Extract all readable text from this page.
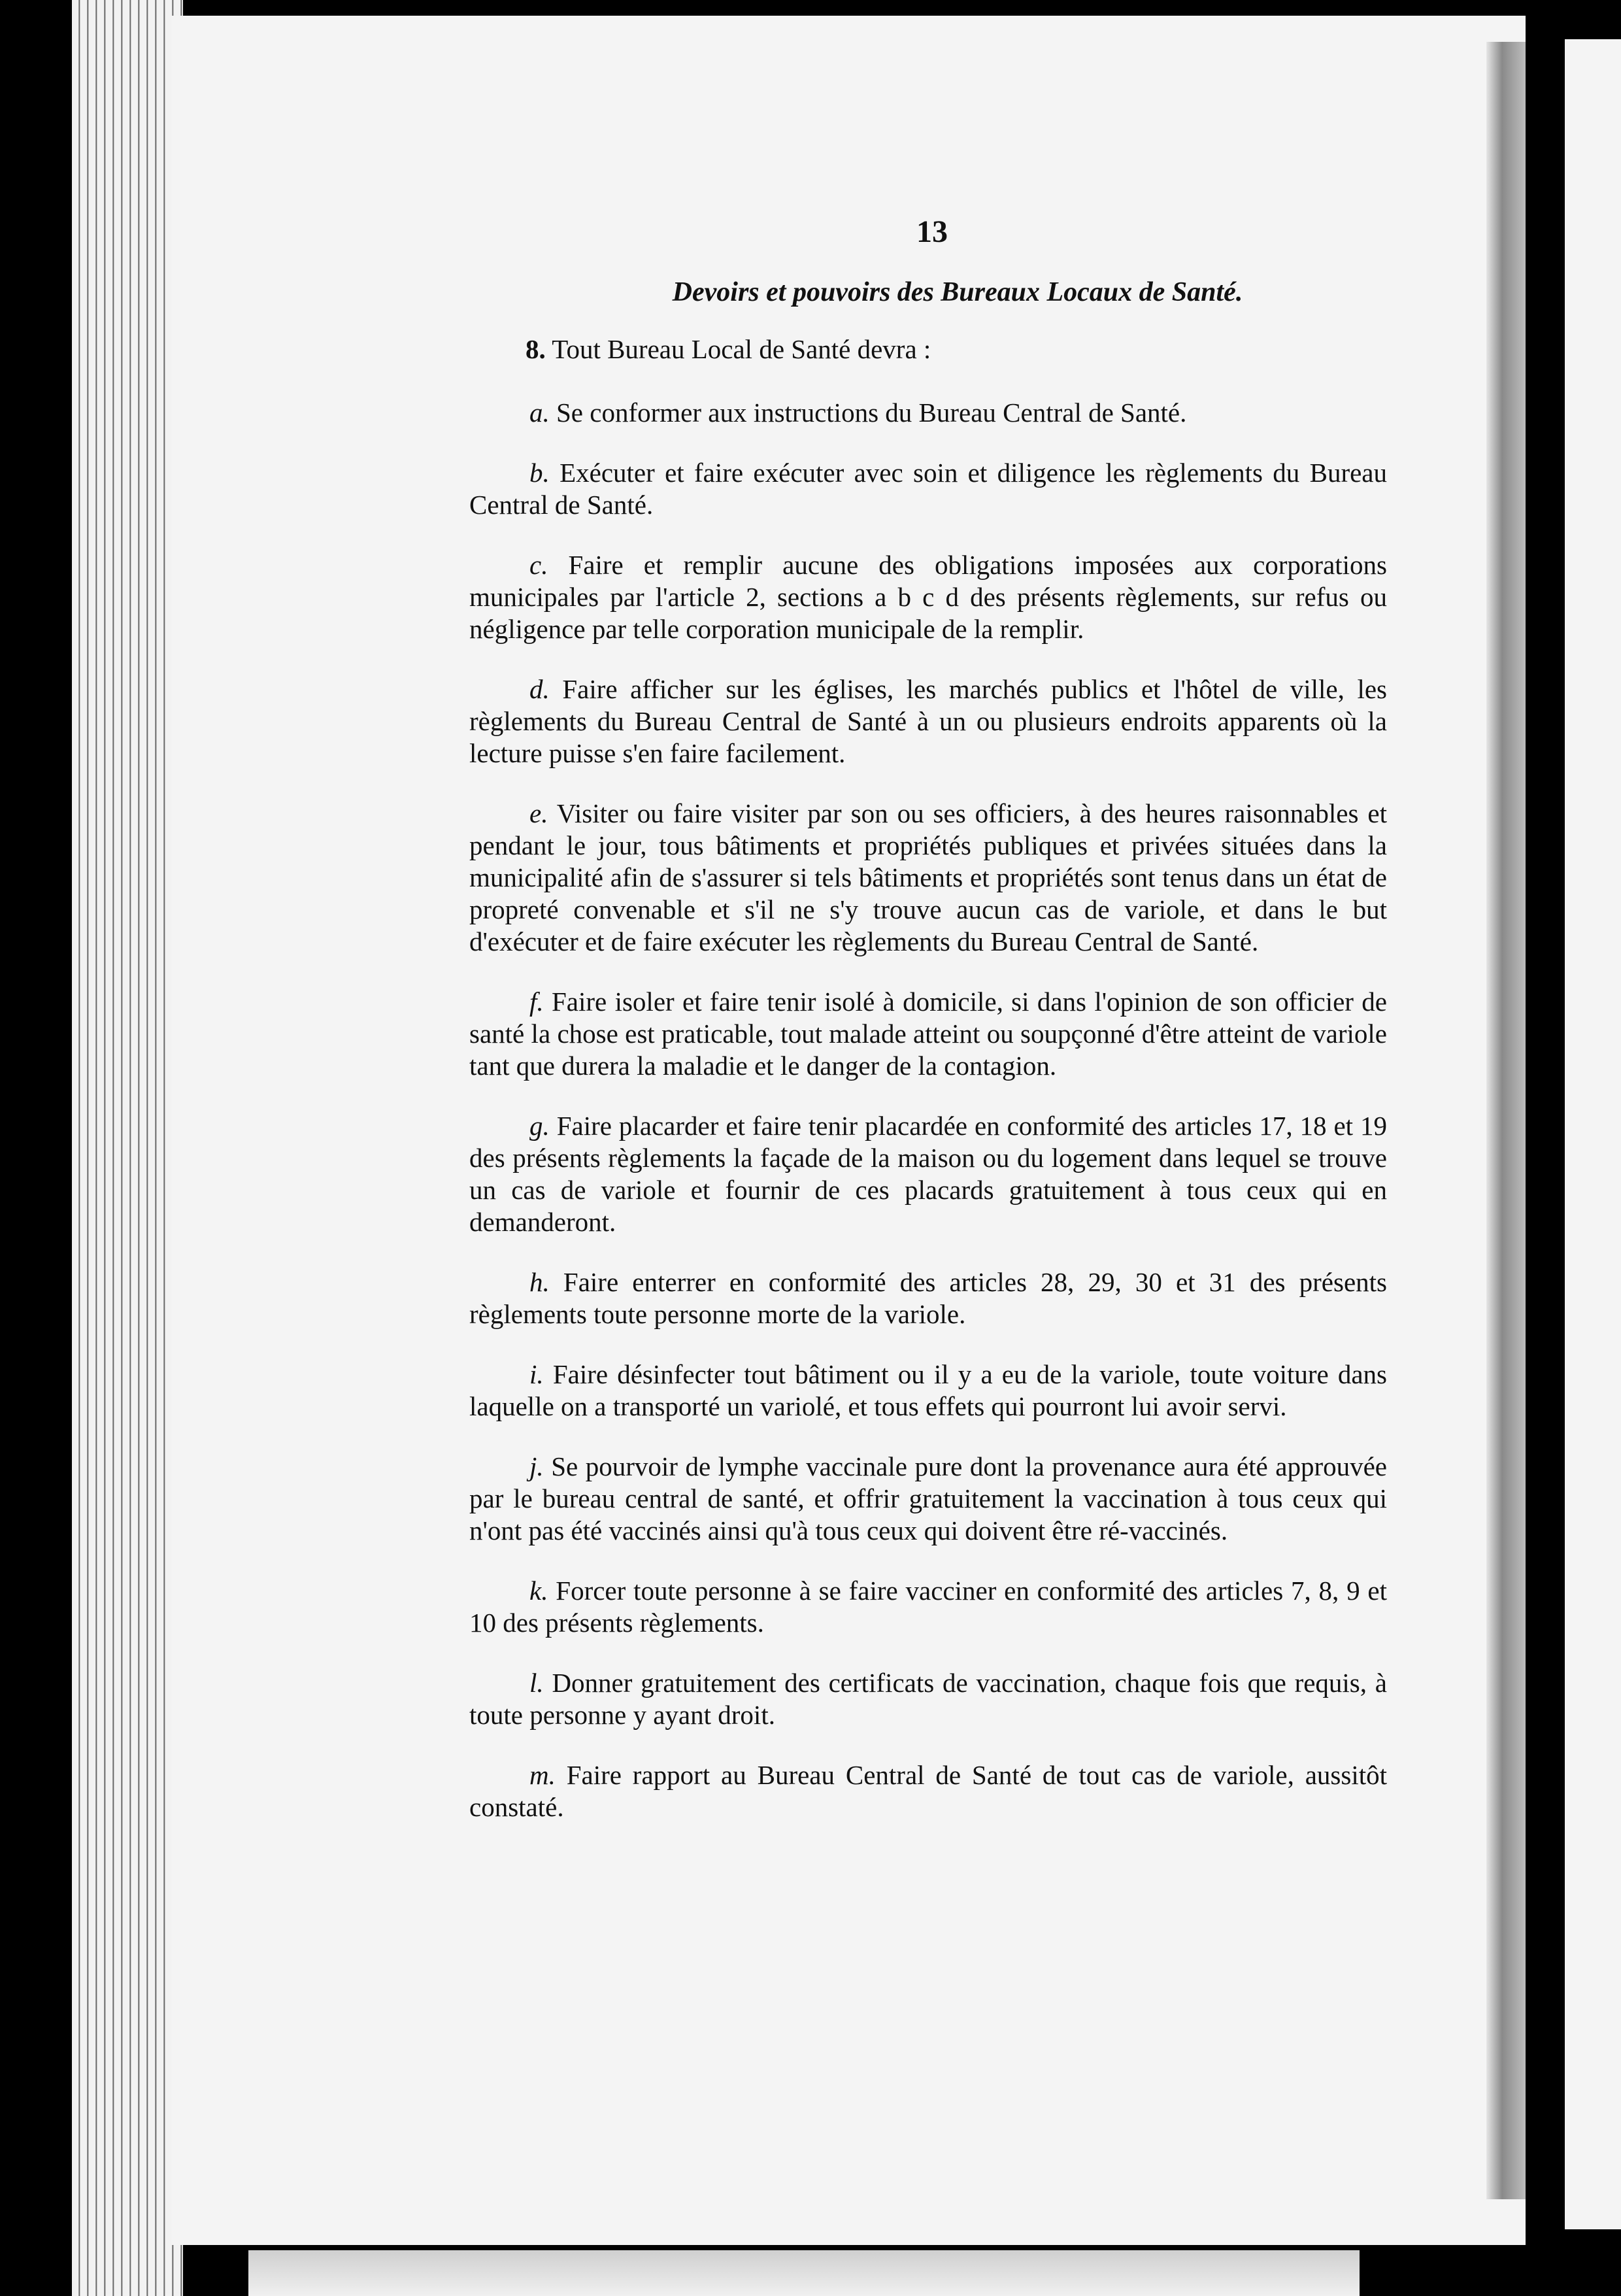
13
Devoirs et pouvoirs des Bureaux Locaux de Santé.

8. Tout Bureau Local de Santé devra :

a. Se conformer aux instructions du Bureau Central de Santé.

b. Exécuter et faire exécuter avec soin et diligence les règlements du Bureau Central de Santé.

c. Faire et remplir aucune des obligations imposées aux corporations municipales par l'article 2, sections a b c d des présents règlements, sur refus ou négligence par telle corporation municipale de la remplir.

d. Faire afficher sur les églises, les marchés publics et l'hôtel de ville, les règlements du Bureau Central de Santé à un ou plusieurs endroits apparents où la lecture puisse s'en faire facilement.

e. Visiter ou faire visiter par son ou ses officiers, à des heures raisonnables et pendant le jour, tous bâtiments et propriétés publiques et privées situées dans la municipalité afin de s'assurer si tels bâtiments et propriétés sont tenus dans un état de propreté convenable et s'il ne s'y trouve aucun cas de variole, et dans le but d'exécuter et de faire exécuter les règlements du Bureau Central de Santé.

f. Faire isoler et faire tenir isolé à domicile, si dans l'opinion de son officier de santé la chose est praticable, tout malade atteint ou soupçonné d'être atteint de variole tant que durera la maladie et le danger de la contagion.

g. Faire placarder et faire tenir placardée en conformité des articles 17, 18 et 19 des présents règlements la façade de la maison ou du logement dans lequel se trouve un cas de variole et fournir de ces placards gratuitement à tous ceux qui en demanderont.

h. Faire enterrer en conformité des articles 28, 29, 30 et 31 des présents règlements toute personne morte de la variole.

i. Faire désinfecter tout bâtiment ou il y a eu de la variole, toute voiture dans laquelle on a transporté un variolé, et tous effets qui pourront lui avoir servi.

j. Se pourvoir de lymphe vaccinale pure dont la provenance aura été approuvée par le bureau central de santé, et offrir gratuitement la vaccination à tous ceux qui n'ont pas été vaccinés ainsi qu'à tous ceux qui doivent être ré-vaccinés.

k. Forcer toute personne à se faire vacciner en conformité des articles 7, 8, 9 et 10 des présents règlements.

l. Donner gratuitement des certificats de vaccination, chaque fois que requis, à toute personne y ayant droit.

m. Faire rapport au Bureau Central de Santé de tout cas de variole, aussitôt constaté.
